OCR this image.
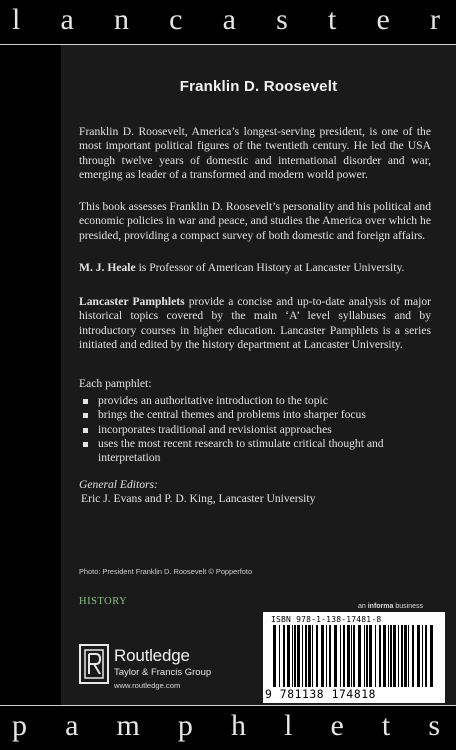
l a n c a s t e r
Franklin D. Roosevelt

Franklin D. Roosevelt, America’s longest-serving president, is one of the most important political figures of the twentieth century. He led the USA through twelve years of domestic and international disorder and war, emerging as leader of a transformed and modern world power.

This book assesses Franklin D. Roosevelt’s personality and his political and economic policies in war and peace, and studies the America over which he presided, providing a compact survey of both domestic and foreign affairs.

M. J. Heale is Professor of American History at Lancaster University.

Lancaster Pamphlets provide a concise and up-to-date analysis of major historical topics covered by the main ‘A’ level syllabuses and by introductory courses in higher education. Lancaster Pamphlets is a series initiated and edited by the history department at Lancaster University.

Each pamphlet:

provides an authoritative introduction to the topic
brings the central themes and problems into sharper focus
incorporates traditional and revisionist approaches
uses the most recent research to stimulate critical thought and interpretation

General Editors:
Eric J. Evans and P. D. King, Lancaster University

Photo: President Franklin D. Roosevelt © Popperfoto
HISTORY	an informa business
ISBN 978-1-138-17481-8
9 781138 174818
Routledge
Taylor & Francis Group
www.routledge.com
p a m p h l e t s
